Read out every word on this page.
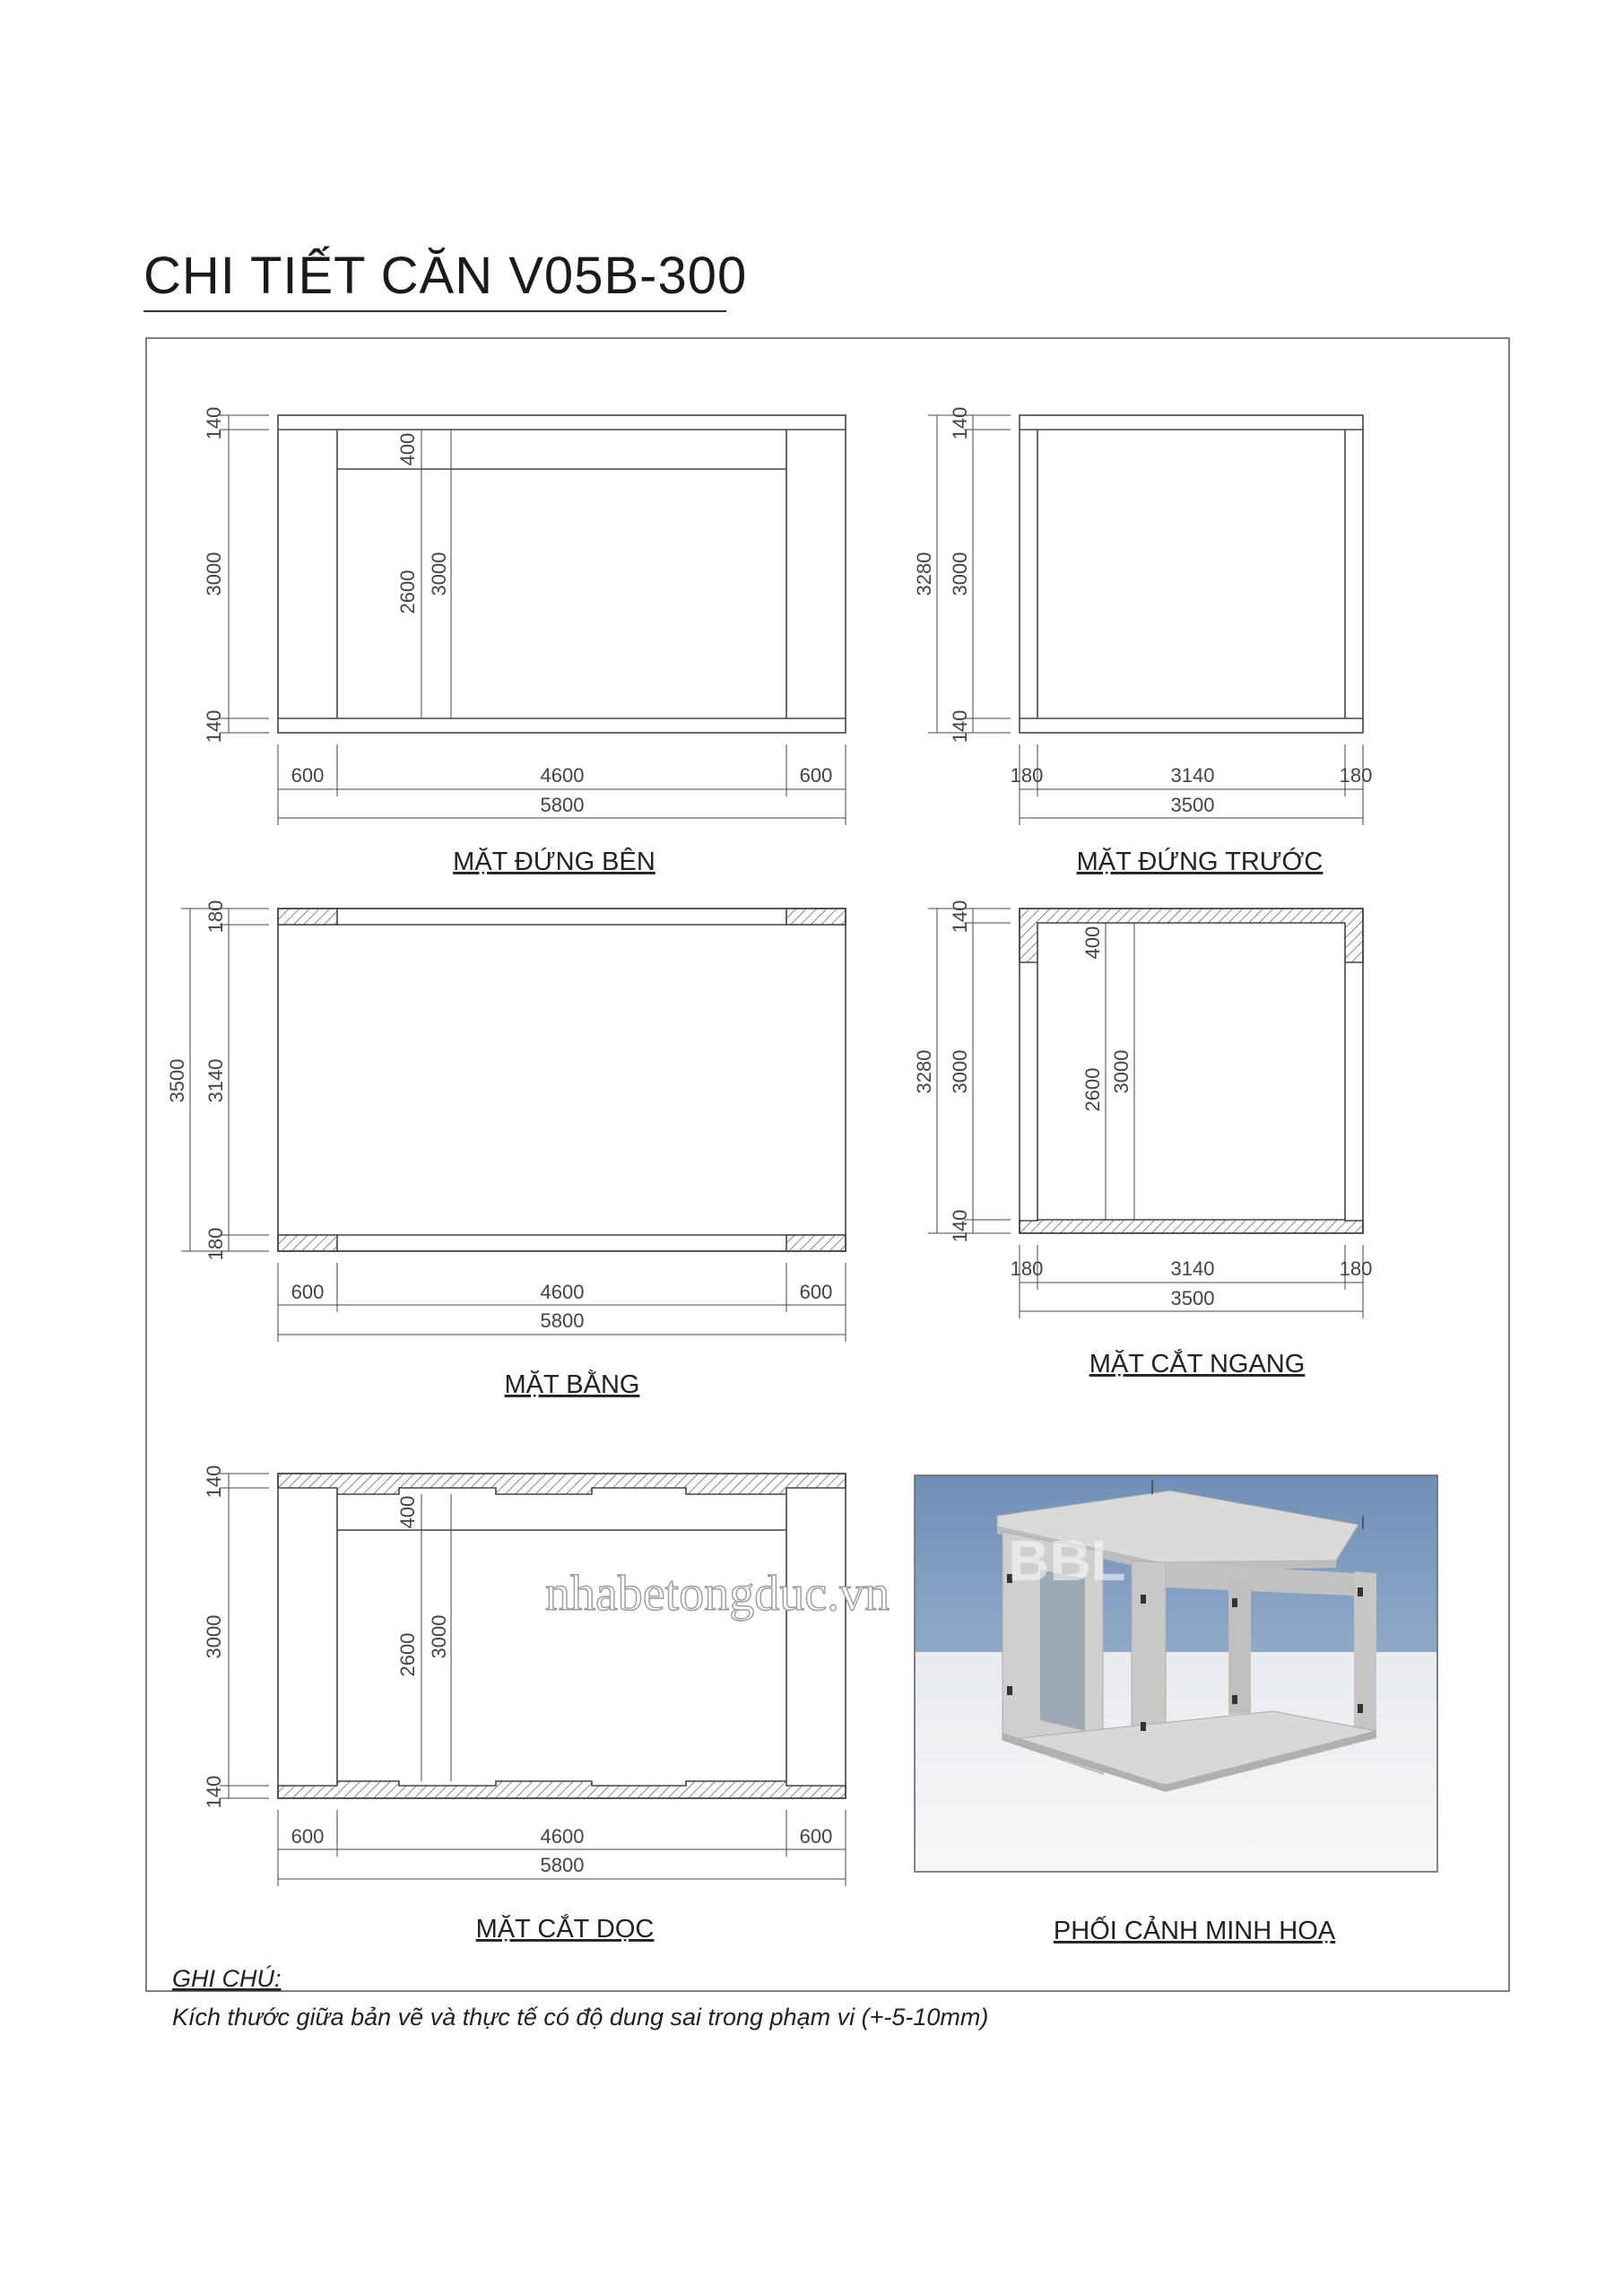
CHI TIẾT CĂN V05B-300
140
3000
140
400
2600 3000
600	4600	600
5800
MẶT ĐỨNG BÊN
140
3280 3000
140
180	3140	180
3500
MẶT ĐỨNG TRƯỚC
180
3500 3140
180
600	4600	600
5800
MẶT BẰNG
140
3280 3000
140
400
2600 3000
180	3140	180
3500
MẶT CẮT NGANG
140
3000
140
400
2600 3000
600	4600	600
5800
MẶT CẮT DỌC
BBL
nhabetongduc.vn
PHỐI CẢNH MINH HOẠ
GHI CHÚ:
Kích thước giữa bản vẽ và thực tế có độ dung sai trong phạm vi (+-5-10mm)
